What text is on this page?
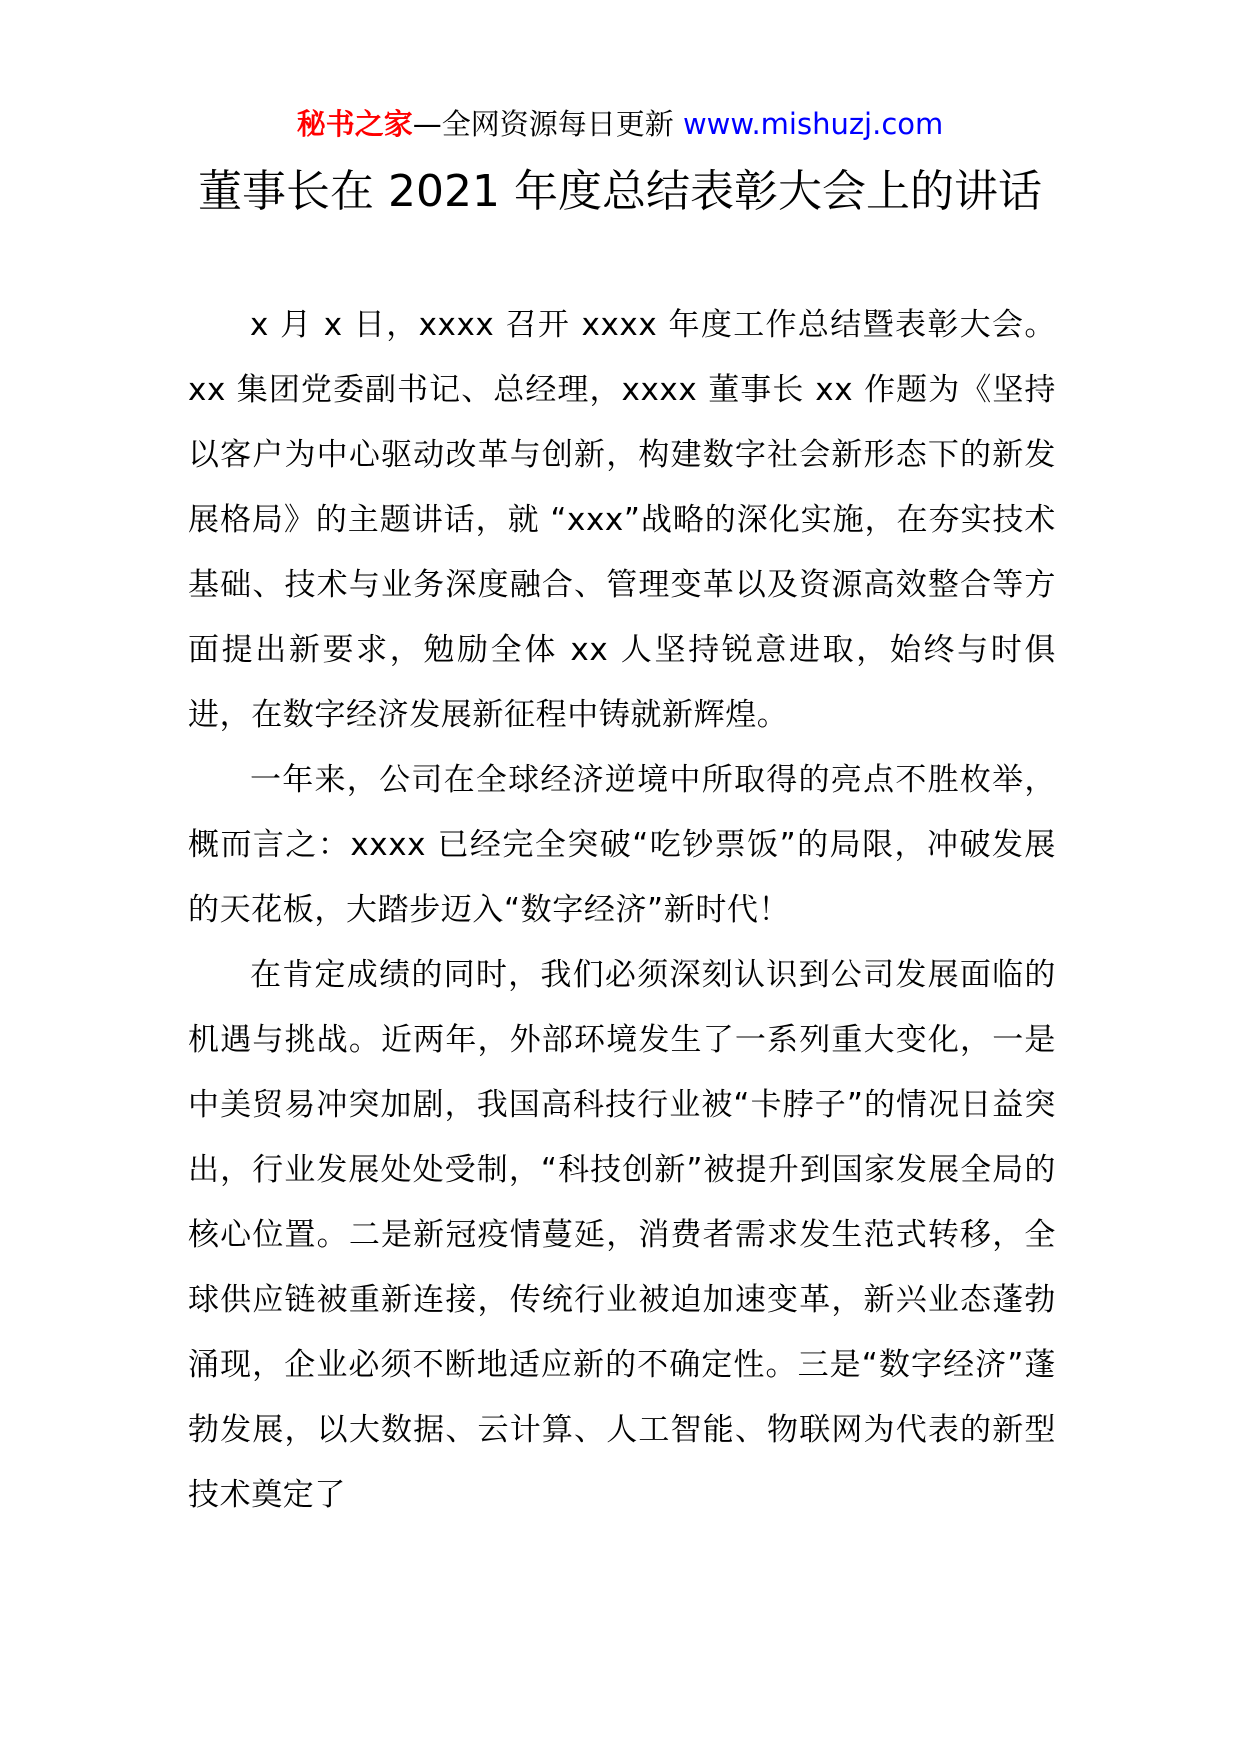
秘书之家—全网资源每日更新 www.mishuzj.com
董事长在 2021 年度总结表彰大会上的讲话

x 月 x 日，xxxx 召开 xxxx 年度工作总结暨表彰大会。xx 集团党委副书记、总经理，xxxx 董事长 xx 作题为《坚持以客户为中心驱动改革与创新，构建数字社会新形态下的新发展格局》的主题讲话，就 “xxx”战略的深化实施，在夯实技术基础、技术与业务深度融合、管理变革以及资源高效整合等方面提出新要求，勉励全体 xx 人坚持锐意进取，始终与时俱进，在数字经济发展新征程中铸就新辉煌。

一年来，公司在全球经济逆境中所取得的亮点不胜枚举，概而言之：xxxx 已经完全突破“吃钞票饭”的局限，冲破发展的天花板，大踏步迈入“数字经济”新时代！

在肯定成绩的同时，我们必须深刻认识到公司发展面临的机遇与挑战。近两年，外部环境发生了一系列重大变化，一是中美贸易冲突加剧，我国高科技行业被“卡脖子”的情况日益突出，行业发展处处受制，“科技创新”被提升到国家发展全局的核心位置。二是新冠疫情蔓延，消费者需求发生范式转移，全球供应链被重新连接，传统行业被迫加速变革，新兴业态蓬勃涌现，企业必须不断地适应新的不确定性。三是“数字经济”蓬勃发展，以大数据、云计算、人工智能、物联网为代表的新型技术奠定了
